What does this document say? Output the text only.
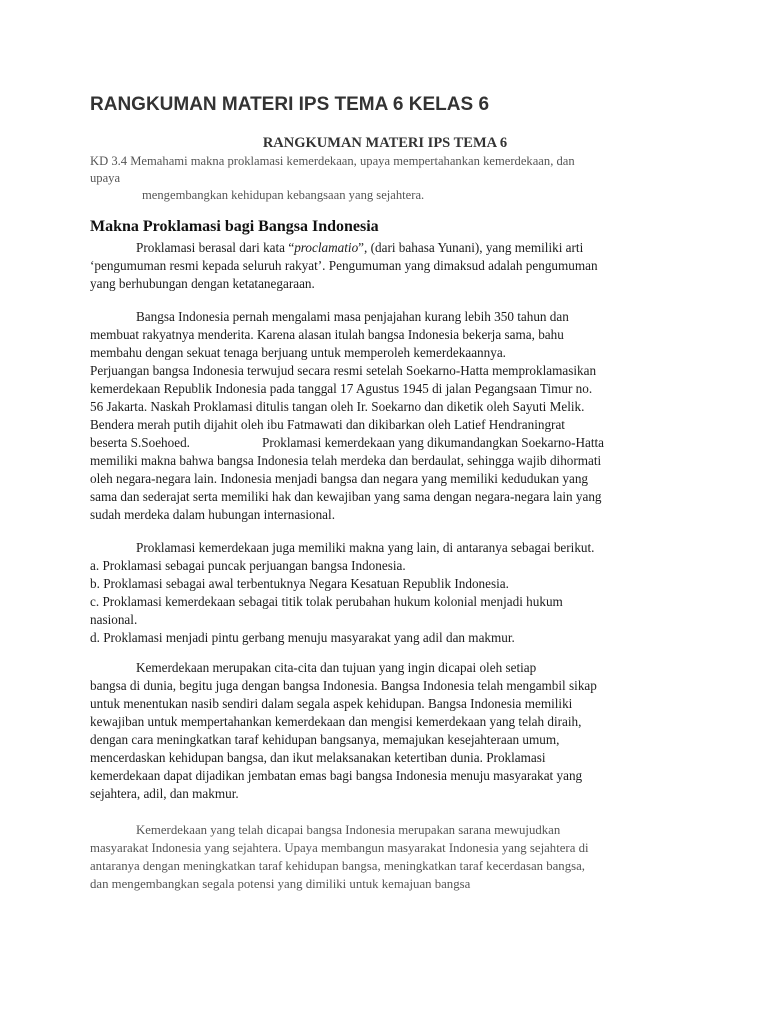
RANGKUMAN MATERI IPS TEMA 6 KELAS 6
RANGKUMAN MATERI IPS TEMA 6
KD 3.4 Memahami makna proklamasi kemerdekaan, upaya mempertahankan kemerdekaan, dan
upaya
mengembangkan kehidupan kebangsaan yang sejahtera.
Makna Proklamasi bagi Bangsa Indonesia

Proklamasi berasal dari kata “proclamatio”, (dari bahasa Yunani), yang memiliki arti
‘pengumuman resmi kepada seluruh rakyat’. Pengumuman yang dimaksud adalah pengumuman
yang berhubungan dengan ketatanegaraan.

Bangsa Indonesia pernah mengalami masa penjajahan kurang lebih 350 tahun dan
membuat rakyatnya menderita. Karena alasan itulah bangsa Indonesia bekerja sama, bahu
membahu dengan sekuat tenaga berjuang untuk memperoleh kemerdekaannya.
Perjuangan bangsa Indonesia terwujud secara resmi setelah Soekarno-Hatta memproklamasikan
kemerdekaan Republik Indonesia pada tanggal 17 Agustus 1945 di jalan Pegangsaan Timur no.
56 Jakarta. Naskah Proklamasi ditulis tangan oleh Ir. Soekarno dan diketik oleh Sayuti Melik.
Bendera merah putih dijahit oleh ibu Fatmawati dan dikibarkan oleh Latief Hendraningrat
beserta S.Soehoed.	Proklamasi kemerdekaan yang dikumandangkan Soekarno-Hatta
memiliki makna bahwa bangsa Indonesia telah merdeka dan berdaulat, sehingga wajib dihormati
oleh negara-negara lain. Indonesia menjadi bangsa dan negara yang memiliki kedudukan yang
sama dan sederajat serta memiliki hak dan kewajiban yang sama dengan negara-negara lain yang
sudah merdeka dalam hubungan internasional.

Proklamasi kemerdekaan juga memiliki makna yang lain, di antaranya sebagai berikut.
a. Proklamasi sebagai puncak perjuangan bangsa Indonesia.
b. Proklamasi sebagai awal terbentuknya Negara Kesatuan Republik Indonesia.
c. Proklamasi kemerdekaan sebagai titik tolak perubahan hukum kolonial menjadi hukum
nasional.
d. Proklamasi menjadi pintu gerbang menuju masyarakat yang adil dan makmur.

Kemerdekaan merupakan cita-cita dan tujuan yang ingin dicapai oleh setiap
bangsa di dunia, begitu juga dengan bangsa Indonesia. Bangsa Indonesia telah mengambil sikap
untuk menentukan nasib sendiri dalam segala aspek kehidupan. Bangsa Indonesia memiliki
kewajiban untuk mempertahankan kemerdekaan dan mengisi kemerdekaan yang telah diraih,
dengan cara meningkatkan taraf kehidupan bangsanya, memajukan kesejahteraan umum,
mencerdaskan kehidupan bangsa, dan ikut melaksanakan ketertiban dunia. Proklamasi
kemerdekaan dapat dijadikan jembatan emas bagi bangsa Indonesia menuju masyarakat yang
sejahtera, adil, dan makmur.

Kemerdekaan yang telah dicapai bangsa Indonesia merupakan sarana mewujudkan
masyarakat Indonesia yang sejahtera. Upaya membangun masyarakat Indonesia yang sejahtera di
antaranya dengan meningkatkan taraf kehidupan bangsa, meningkatkan taraf kecerdasan bangsa,
dan mengembangkan segala potensi yang dimiliki untuk kemajuan bangsa
